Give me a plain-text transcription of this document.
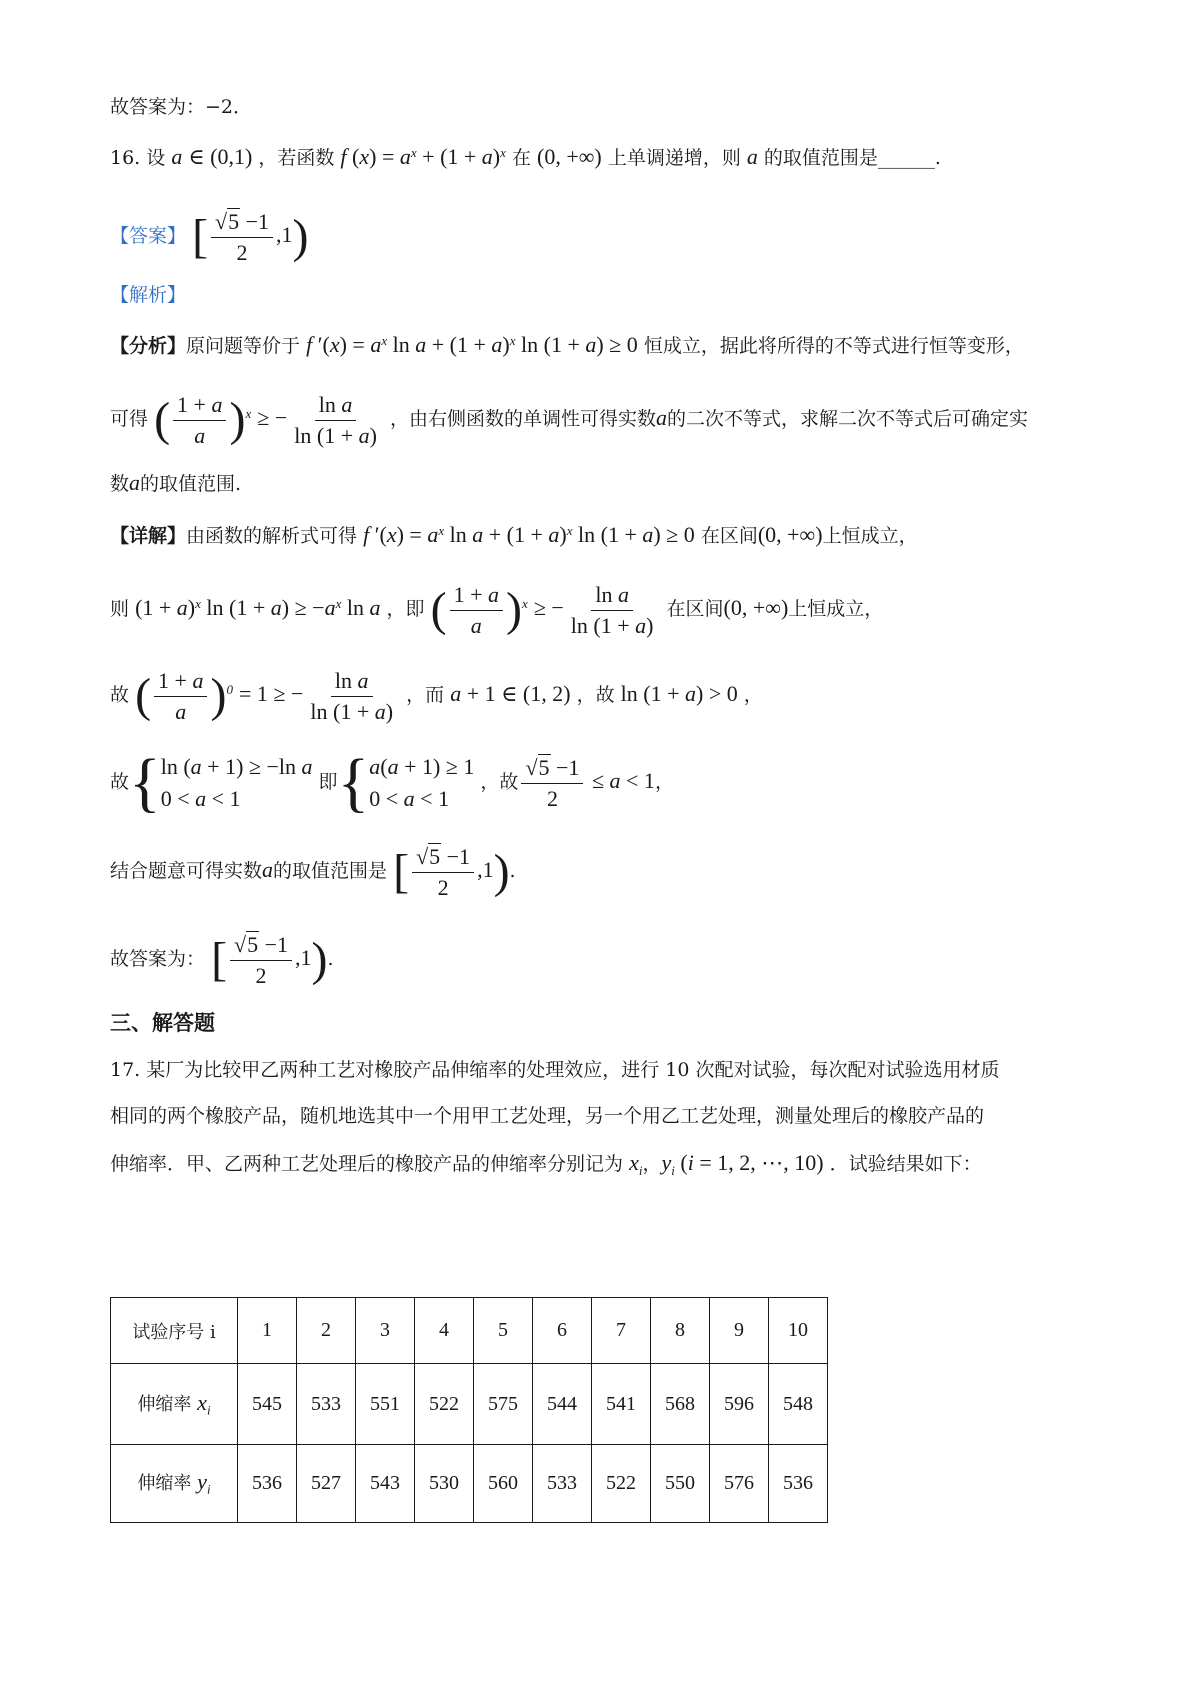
故答案为：−2．
16. 设 a ∈ (0,1) ，若函数 f $(x) = a^x + (1 + a)^x$ 在 (0, +∞) 上单调递增，则 a 的取值范围是______.
【答案】 [ $\frac{√5 -1}{2} ,1$)
【解析】
【分析】原问题等价于 f $'(x) = a^x$ $\ln a + (1 + a)^x$ ln (1 + a) ≥ 0 恒成立，据此将所得的不等式进行恒等变形，
可得 ( $\frac{1 + a}{a} )^x$ ≥ − $\frac{\text{ln a}}{\ln (1 + a)}$ ，由右侧函数的单调性可得实数a的二次不等式，求解二次不等式后可确定实
数a的取值范围.
【详解】由函数的解析式可得 f $'(x) = a^x$ $\ln a + (1 + a)^x$ ln (1 + a) ≥ 0 在区间(0, +∞)上恒成立，
则 $(1 + a)^x$ $\ln (1 + a) \ge -a^x$ ln a ，即 ( $\frac{1 + a}{a} )^x$ ≥ − $\frac{\text{ln a}}{\ln (1 + a)}$ 在区间(0, +∞)上恒成立，
故 ( $\frac{1 + a}{a} )^0 = 1$ ≥ − $\frac{\text{ln a}}{\ln (1 + a)}$ ，而 a + 1 ∈ (1, 2) ，故 ln (1 + a) > 0 ，
故{ ln (a + 1) ≥ −ln a
0 < a < 1
即{ a(a + 1) ≥ 1
0 < a < 1
，故 $\frac{√5 -1}{2} \le a < 1$，
结合题意可得实数a的取值范围是 [ $\frac{√5 -1}{2} ,1$).
故答案为： [ $\frac{√5 -1}{2} ,1$).
三、解答题
17. 某厂为比较甲乙两种工艺对橡胶产品伸缩率的处理效应，进行 10 次配对试验，每次配对试验选用材质
相同的两个橡胶产品，随机地选其中一个用甲工艺处理，另一个用乙工艺处理，测量处理后的橡胶产品的
伸缩率．甲、乙两种工艺处理后的橡胶产品的伸缩率分别记为 $x_i$，$y_i$ (i = 1, 2, ⋯, 10) ．试验结果如下：
试验序号 i	1	2	3	4	5	6	7	8	9	10
伸缩率 $x_i$	545	533	551	522	575	544	541	568	596	548
伸缩率 $y_i$	536	527	543	530	560	533	522	550	576	536
